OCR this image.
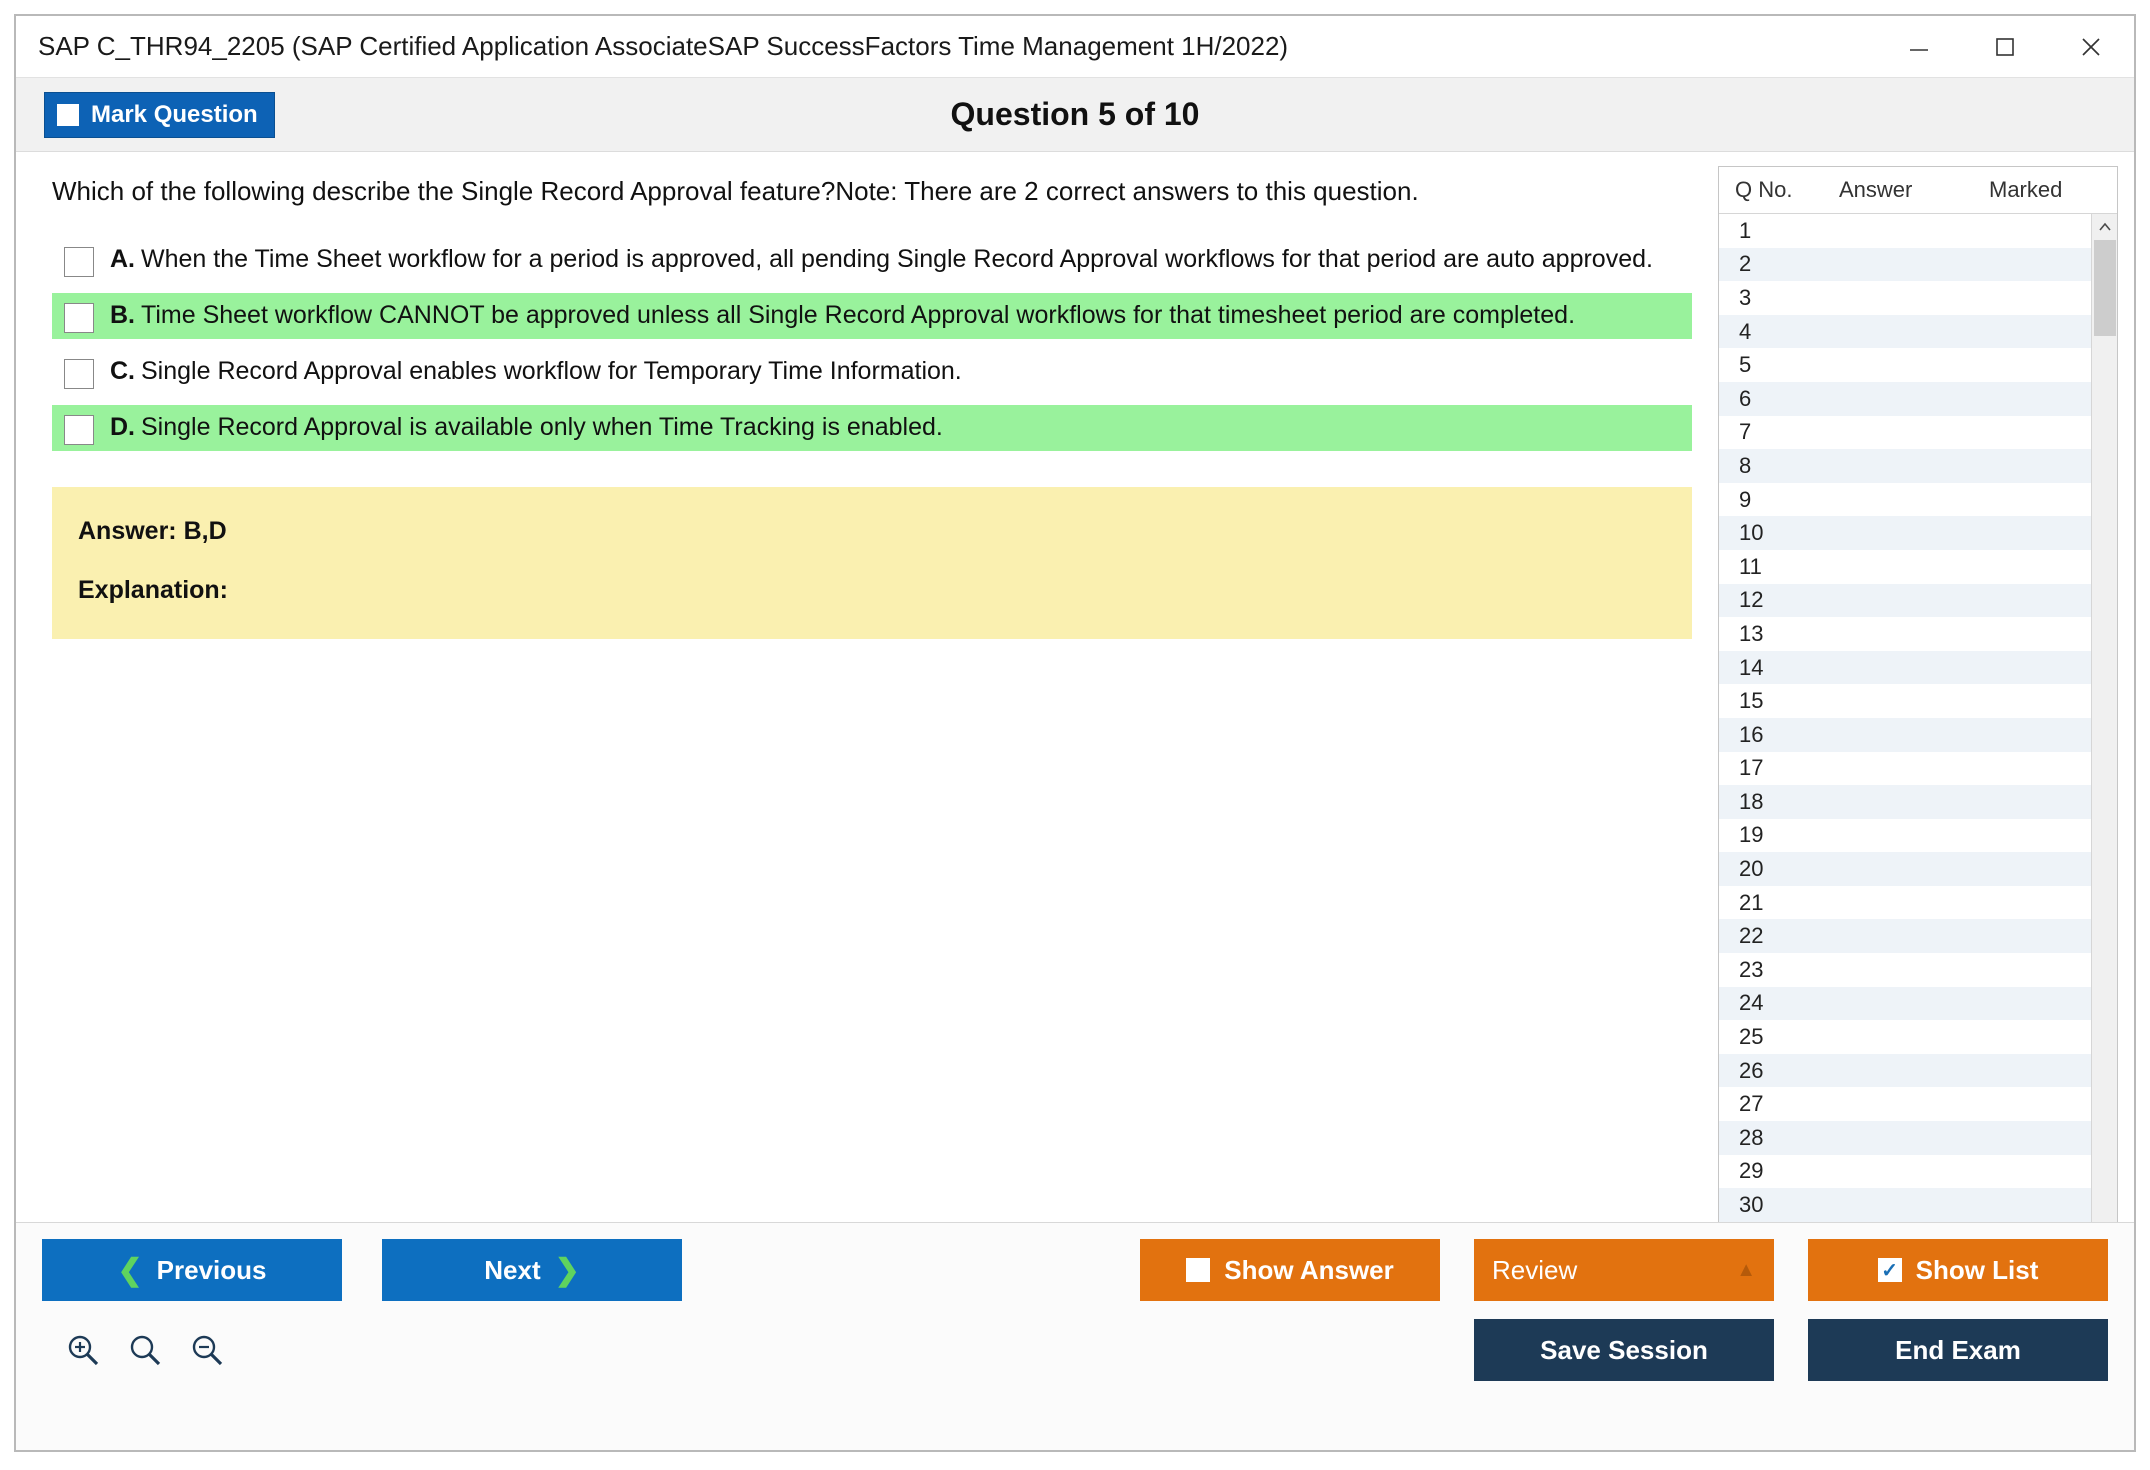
SAP C_THR94_2205 (SAP Certified Application AssociateSAP SuccessFactors Time Management 1H/2022)
Mark Question	Question 5 of 10
Which of the following describe the Single Record Approval feature?Note: There are 2 correct answers to this question.
A. When the Time Sheet workflow for a period is approved, all pending Single Record Approval workflows for that period are auto approved.
B. Time Sheet workflow CANNOT be approved unless all Single Record Approval workflows for that timesheet period are completed.
C. Single Record Approval enables workflow for Temporary Time Information.
D. Single Record Approval is available only when Time Tracking is enabled.
Answer: B,D
Explanation:
Q No.	Answer	Marked
1
2
3
4
5
6
7
8
9
10
11
12
13
14
15
16
17
18
19
20
21
22
23
24
25
26
27
28
29
30
❮ Previous	Next ❯	Show Answer	Review	▲	✓ Show List
Save Session	End Exam
